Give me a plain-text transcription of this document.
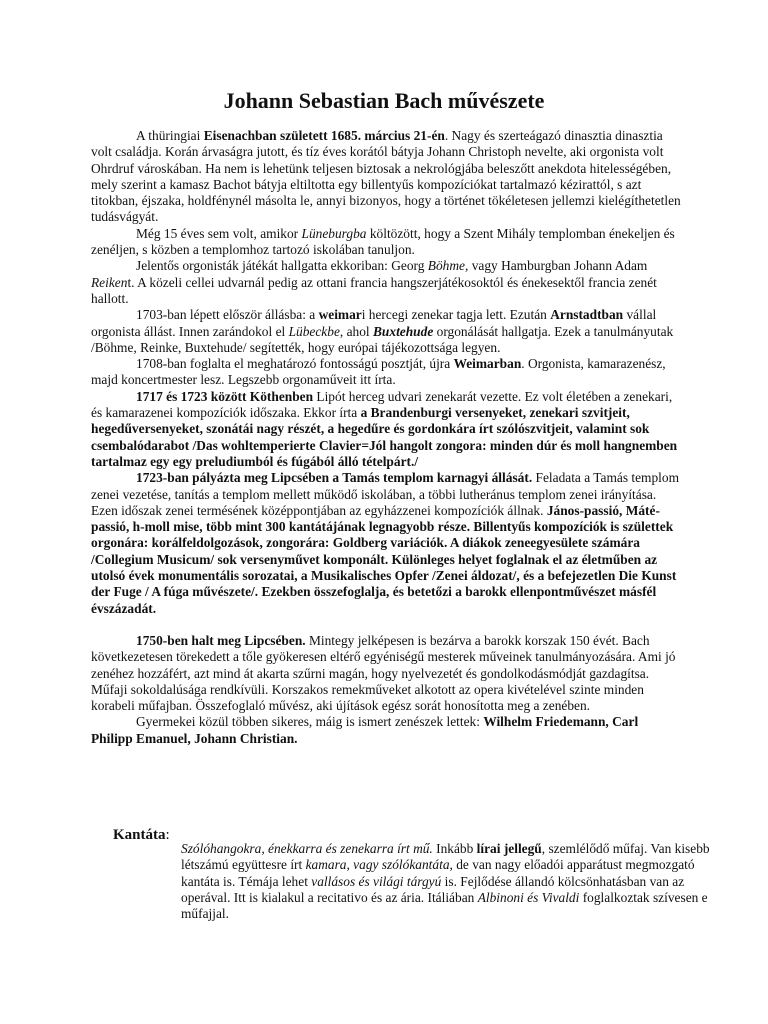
Johann Sebastian Bach művészete

A thüringiai Eisenachban született 1685. március 21-én. Nagy és szerteágazó dinasztia dinasztia volt családja. Korán árvaságra jutott, és tíz éves korától bátyja Johann Christoph nevelte, aki orgonista volt Ohrdruf városkában. Ha nem is lehetünk teljesen biztosak a nekrológjába beleszőtt anekdota hitelességében, mely szerint a kamasz Bachot bátyja eltiltotta egy billentyűs kompozíciókat tartalmazó kézirattól, s azt titokban, éjszaka, holdfénynél másolta le, annyi bizonyos, hogy a történet tökéletesen jellemzi kielégíthetetlen tudásvágyát.

Még 15 éves sem volt, amikor Lüneburgba költözött, hogy a Szent Mihály templomban énekeljen és zenéljen, s közben a templomhoz tartozó iskolában tanuljon.

Jelentős orgonisták játékát hallgatta ekkoriban: Georg Böhme, vagy Hamburgban Johann Adam Reikent. A közeli cellei udvarnál pedig az ottani francia hangszerjátékosoktól és énekesektől francia zenét hallott.

1703-ban lépett először állásba: a weimari hercegi zenekar tagja lett. Ezután Arnstadtban vállal orgonista állást. Innen zarándokol el Lübeckbe, ahol Buxtehude orgonálását hallgatja. Ezek a tanulmányutak /Böhme, Reinke, Buxtehude/ segítették, hogy európai tájékozottsága legyen.

1708-ban foglalta el meghatározó fontosságú posztját, újra Weimarban. Orgonista, kamarazenész, majd koncertmester lesz. Legszebb orgonaműveit itt írta.

1717 és 1723 között Köthenben Lipót herceg udvari zenekarát vezette. Ez volt életében a zenekari, és kamarazenei kompozíciók időszaka. Ekkor írta a Brandenburgi versenyeket, zenekari szvitjeit, hegedűversenyeket, szonátái nagy részét, a hegedűre és gordonkára írt szólószvitjeit, valamint sok csembalódarabot /Das wohltemperierte Clavier=Jól hangolt zongora: minden dúr és moll hangnemben tartalmaz egy egy preludiumból és fúgából álló tételpárt./

1723-ban pályázta meg Lipcsében a Tamás templom karnagyi állását. Feladata a Tamás templom zenei vezetése, tanítás a templom mellett működő iskolában, a többi lutheránus templom zenei irányítása. Ezen időszak zenei termésének középpontjában az egyházzenei kompozíciók állnak. János-passió, Máté-passió, h-moll mise, több mint 300 kantátájának legnagyobb része. Billentyűs kompozíciók is születtek orgonára: korálfeldolgozások, zongorára: Goldberg variációk. A diákok zeneegyesülete számára /Collegium Musicum/ sok versenyművet komponált. Különleges helyet foglalnak el az életműben az utolsó évek monumentális sorozatai, a Musikalisches Opfer /Zenei áldozat/, és a befejezetlen Die Kunst der Fuge / A fúga művészete/. Ezekben összefoglalja, és betetőzi a barokk ellenpontművészet másfél évszázadát.

1750-ben halt meg Lipcsében. Mintegy jelképesen is bezárva a barokk korszak 150 évét. Bach következetesen törekedett a tőle gyökeresen eltérő egyéniségű mesterek műveinek tanulmányozására. Ami jó zenéhez hozzáfért, azt mind át akarta szűrni magán, hogy nyelvezetét és gondolkodásmódját gazdagítsa. Műfaji sokoldalúsága rendkívüli. Korszakos remekműveket alkotott az opera kivételével szinte minden korabeli műfajban. Összefoglaló művész, aki újítások egész sorát honosította meg a zenében.

Gyermekei közül többen sikeres, máig is ismert zenészek lettek: Wilhelm Friedemann, Carl Philipp Emanuel, Johann Christian.

Kantáta:

Szólóhangokra, énekkarra és zenekarra írt mű. Inkább lírai jellegű, szemlélődő műfaj. Van kisebb létszámú együttesre írt kamara, vagy szólókantáta, de van nagy előadói apparátust megmozgató kantáta is. Témája lehet vallásos és világi tárgyú is. Fejlődése állandó kölcsönhatásban van az operával. Itt is kialakul a recitativo és az ária. Itáliában Albinoni és Vivaldi foglalkoztak szívesen e műfajjal.
